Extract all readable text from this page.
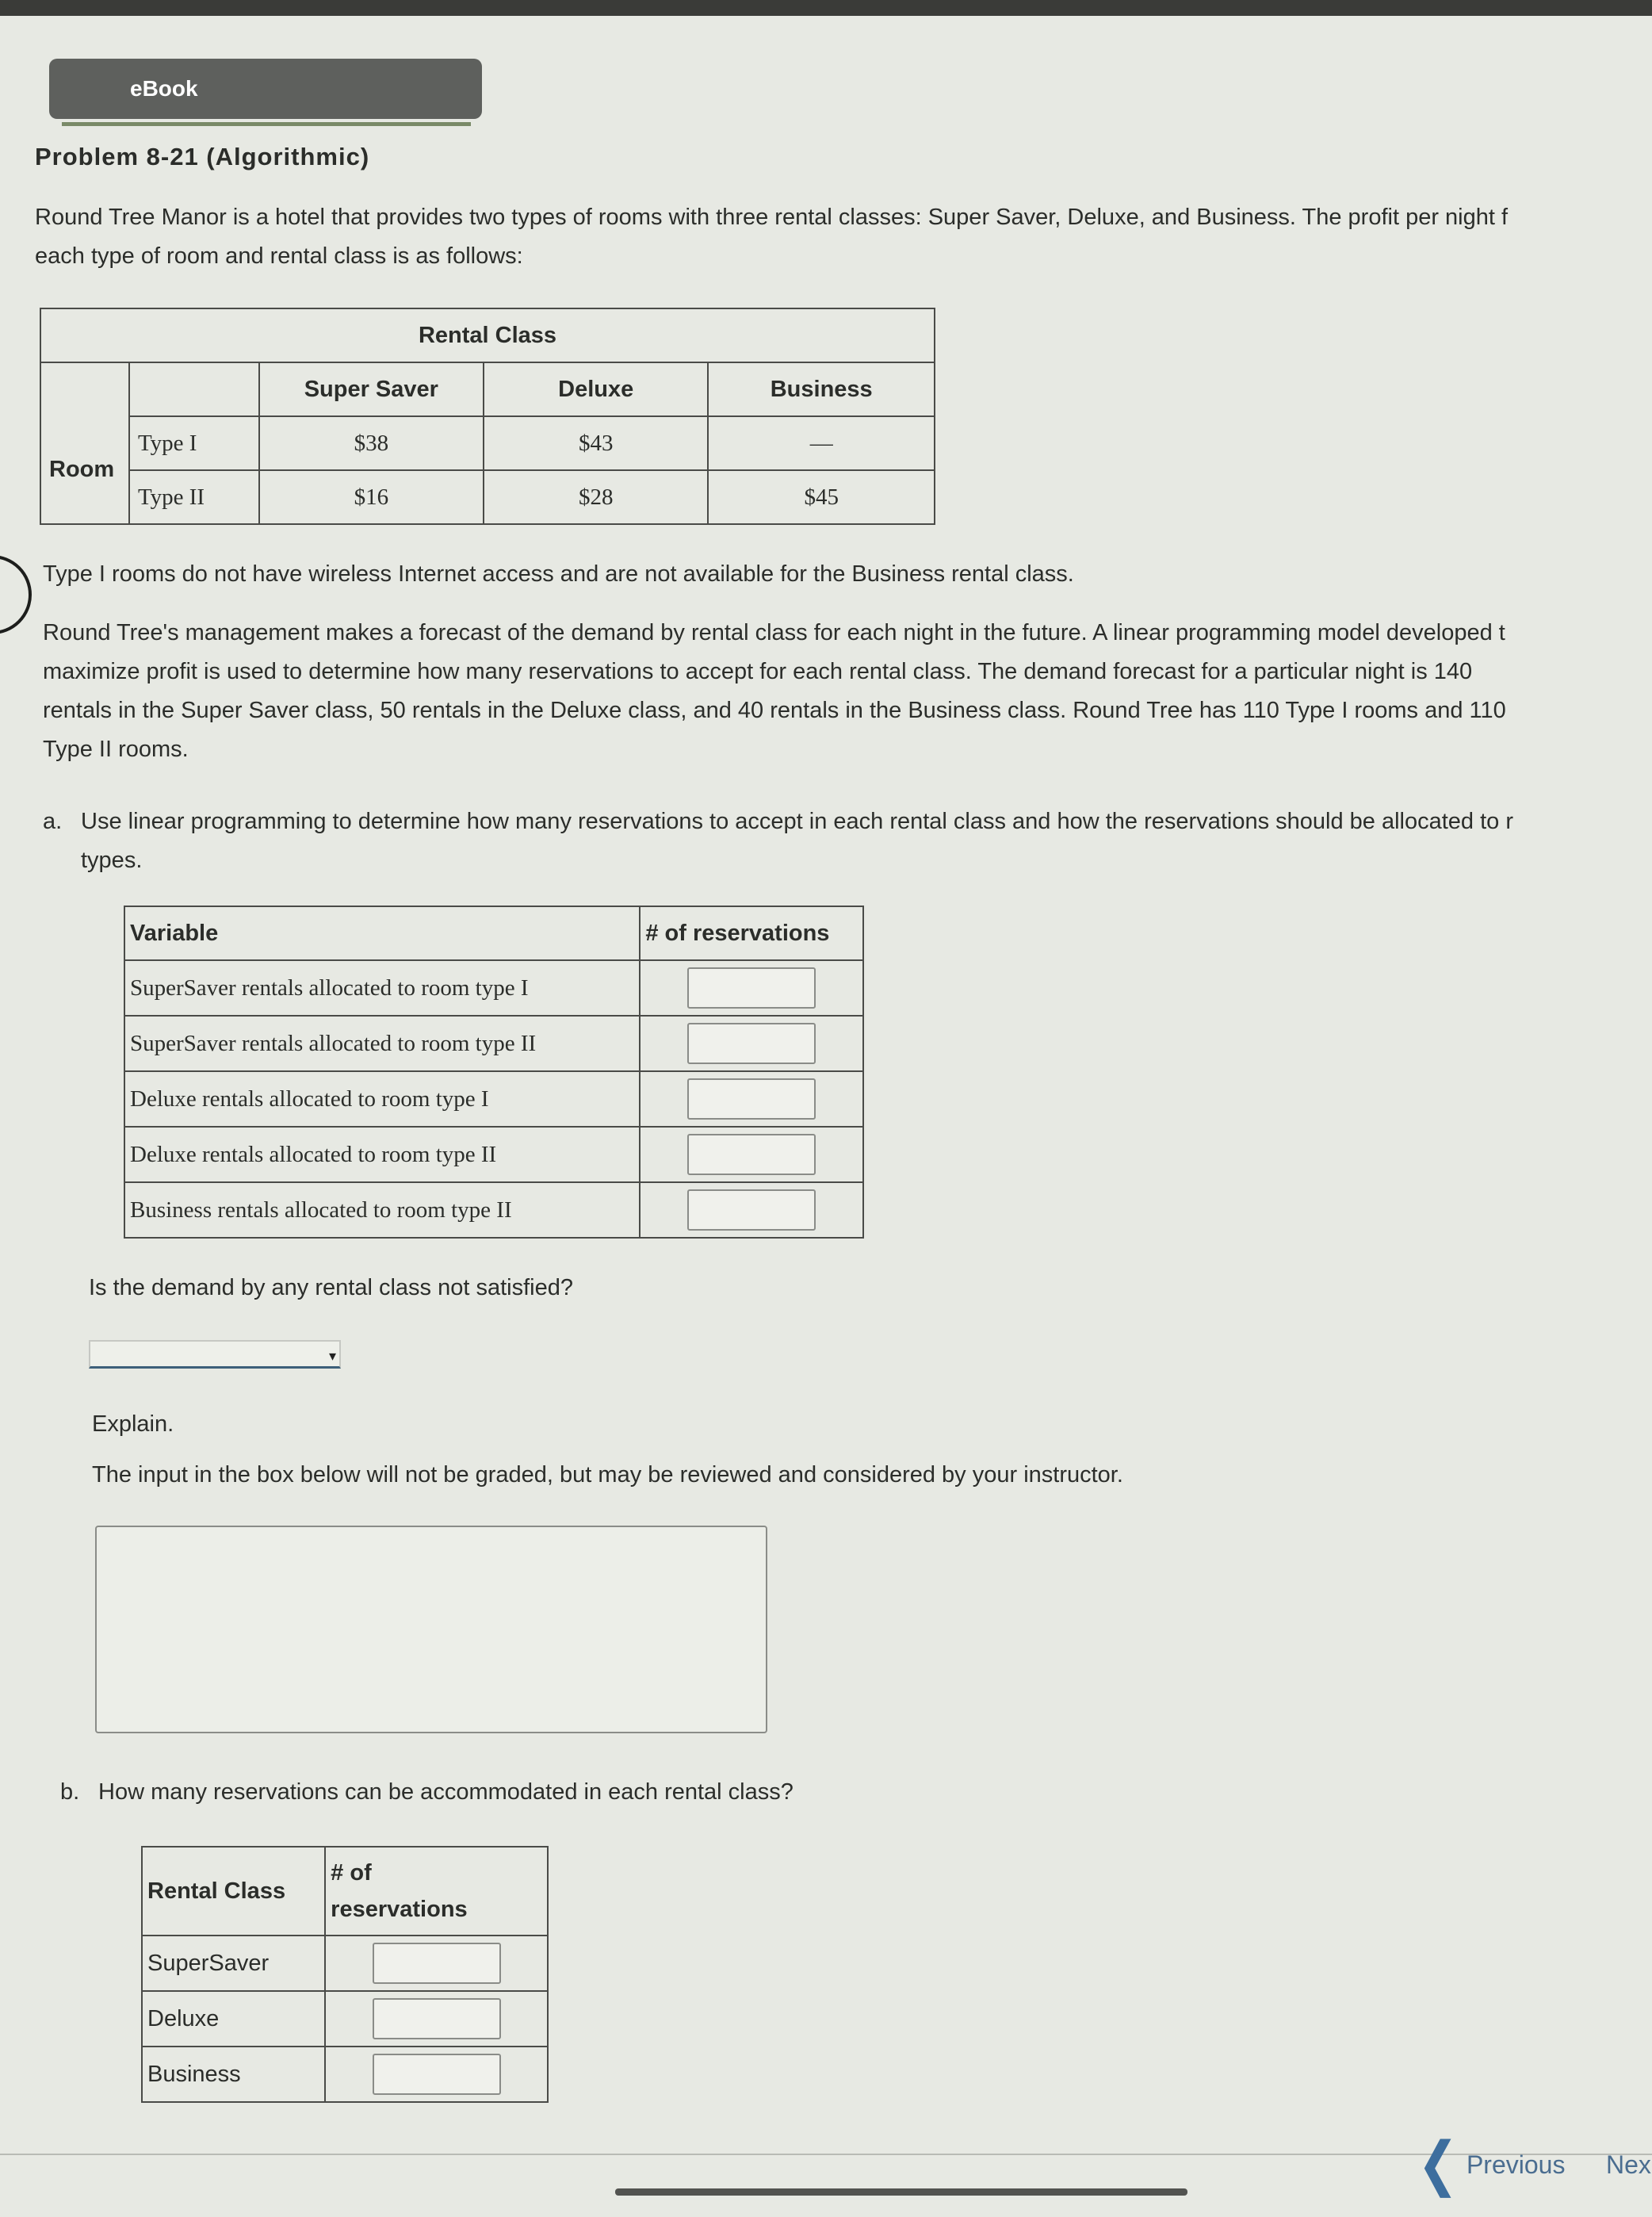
eBook
Problem 8-21 (Algorithmic)
Round Tree Manor is a hotel that provides two types of rooms with three rental classes: Super Saver, Deluxe, and Business. The profit per night f
each type of room and rental class is as follows:
Rental Class				
		Super Saver	Deluxe	Business
Room	Type I	$38	$43	—
	Type II	$16	$28	$45
Type I rooms do not have wireless Internet access and are not available for the Business rental class.
Round Tree's management makes a forecast of the demand by rental class for each night in the future. A linear programming model developed t
maximize profit is used to determine how many reservations to accept for each rental class. The demand forecast for a particular night is 140
rentals in the Super Saver class, 50 rentals in the Deluxe class, and 40 rentals in the Business class. Round Tree has 110 Type I rooms and 110
Type II rooms.
a. Use linear programming to determine how many reservations to accept in each rental class and how the reservations should be allocated to r
types.
Variable	# of reservations
SuperSaver rentals allocated to room type I	
SuperSaver rentals allocated to room type II	
Deluxe rentals allocated to room type I	
Deluxe rentals allocated to room type II	
Business rentals allocated to room type II	
Is the demand by any rental class not satisfied?
▾
Explain.
The input in the box below will not be graded, but may be reviewed and considered by your instructor.
b. How many reservations can be accommodated in each rental class?
Rental Class	# of
reservations

SuperSaver	
Deluxe	
Business	
❮ Previous Nex
